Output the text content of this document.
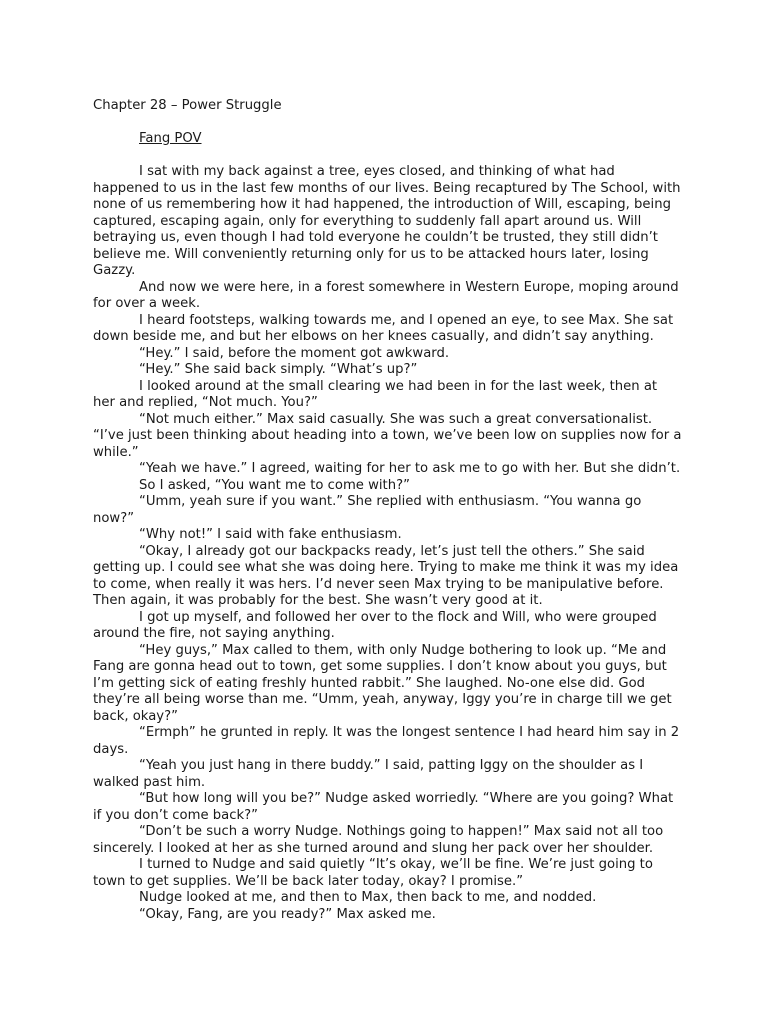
Chapter 28 – Power Struggle

Fang POV

I sat with my back against a tree, eyes closed, and thinking of what had happened to us in the last few months of our lives. Being recaptured by The School, with none of us remembering how it had happened, the introduction of Will, escaping, being captured, escaping again, only for everything to suddenly fall apart around us. Will betraying us, even though I had told everyone he couldn’t be trusted, they still didn’t believe me. Will conveniently returning only for us to be attacked hours later, losing Gazzy.

And now we were here, in a forest somewhere in Western Europe, moping around for over a week.

I heard footsteps, walking towards me, and I opened an eye, to see Max. She sat down beside me, and but her elbows on her knees casually, and didn’t say anything.

“Hey.” I said, before the moment got awkward.

“Hey.” She said back simply. “What’s up?”

I looked around at the small clearing we had been in for the last week, then at her and replied, “Not much. You?”

“Not much either.” Max said casually. She was such a great conversationalist. “I’ve just been thinking about heading into a town, we’ve been low on supplies now for a while.”

“Yeah we have.” I agreed, waiting for her to ask me to go with her. But she didn’t.

So I asked, “You want me to come with?”

“Umm, yeah sure if you want.” She replied with enthusiasm. “You wanna go now?”

“Why not!” I said with fake enthusiasm.

“Okay, I already got our backpacks ready, let’s just tell the others.” She said getting up. I could see what she was doing here. Trying to make me think it was my idea to come, when really it was hers. I’d never seen Max trying to be manipulative before. Then again, it was probably for the best. She wasn’t very good at it.

I got up myself, and followed her over to the flock and Will, who were grouped around the fire, not saying anything.

“Hey guys,” Max called to them, with only Nudge bothering to look up. “Me and Fang are gonna head out to town, get some supplies. I don’t know about you guys, but I’m getting sick of eating freshly hunted rabbit.” She laughed. No-one else did. God they’re all being worse than me. “Umm, yeah, anyway, Iggy you’re in charge till we get back, okay?”

“Ermph” he grunted in reply. It was the longest sentence I had heard him say in 2 days.

“Yeah you just hang in there buddy.” I said, patting Iggy on the shoulder as I walked past him.

“But how long will you be?” Nudge asked worriedly. “Where are you going? What if you don’t come back?”

“Don’t be such a worry Nudge. Nothings going to happen!” Max said not all too sincerely. I looked at her as she turned around and slung her pack over her shoulder.

I turned to Nudge and said quietly “It’s okay, we’ll be fine. We’re just going to town to get supplies. We’ll be back later today, okay? I promise.”

Nudge looked at me, and then to Max, then back to me, and nodded.

“Okay, Fang, are you ready?” Max asked me.
